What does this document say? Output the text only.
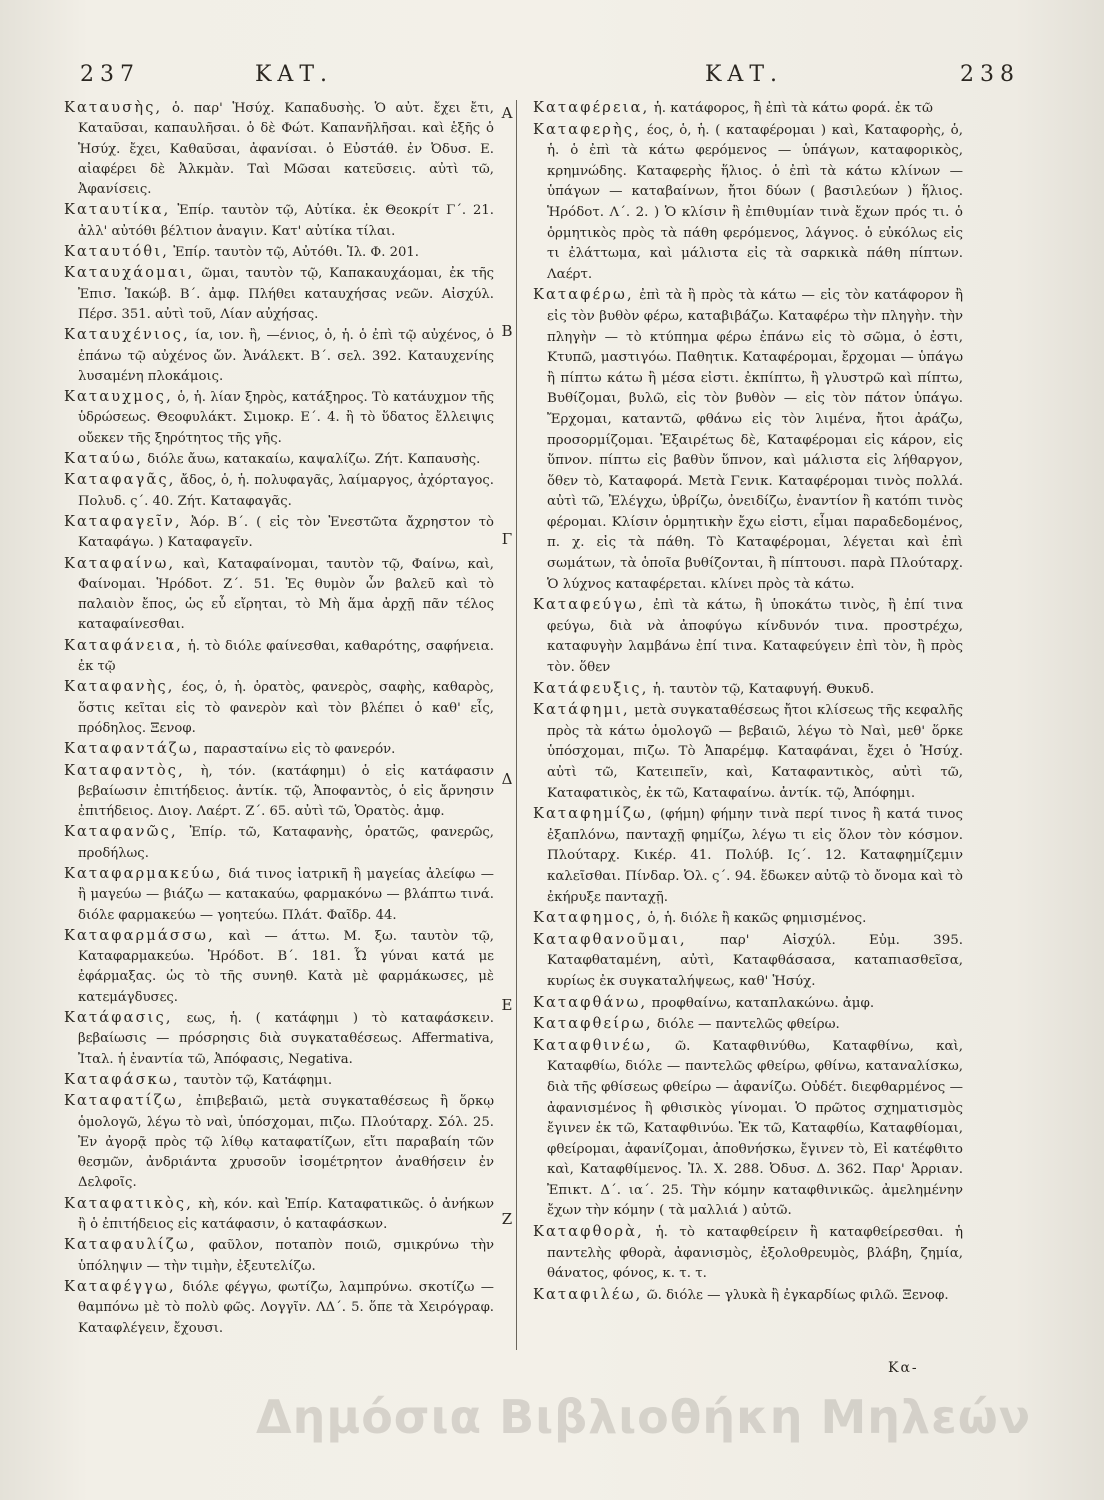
237	ΚΑΤ.	ΚΑΤ.	238
Καταυσὴς, ὁ. παρ' Ἡσύχ. Καπαδυσὴς. Ὁ αὐτ. ἔχει ἔτι, Καταῦσαι, καπαυλῆσαι. ὁ δὲ Φώτ. Καπανῆλῆσαι. καὶ ἑξῆς ὁ Ἡσύχ. ἔχει, Καθαῦσαι, ἀφανίσαι. ὁ Εὐστάθ. ἐν Ὀδυσ. Ε. αἰαφέρει δὲ Ἀλκμὰν. Ταὶ Μῶσαι κατεῦσεις. αὐτὶ τῶ, Ἀφανίσεις.
Καταυτίκα, Ἐπίρ. ταυτὸν τῷ, Αὐτίκα. ἐκ Θεοκρίτ Γ΄. 21. ἀλλ' αὐτόθι βέλτιον ἀναγιν. Κατ' αὐτίκα τίλαι.
Καταυτόθι, Ἐπίρ. ταυτὸν τῷ, Αὐτόθι. Ἰλ. Φ. 201.
Καταυχάομαι, ῶμαι, ταυτὸν τῷ, Καπακαυχάομαι, ἐκ τῆς Ἐπισ. Ἰακώβ. Β΄. ἀμφ. Πλήθει καταυχήσας νεῶν. Αἰσχύλ. Πέρσ. 351. αὐτὶ τοῦ, Λίαν αὐχήσας.
Καταυχένιος, ία, ιον. ἢ, —ένιος, ὁ, ἡ. ὁ ἐπὶ τῷ αὐχένος, ὁ ἐπάνω τῷ αὐχένος ὤν. Ἀνάλεκτ. Β΄. σελ. 392. Καταυχενίης λυσαμένη πλοκάμοις.
Καταυχμος, ὁ, ἡ. λίαν ξηρὸς, κατάξηρος. Τὸ κατάυχμον τῆς ὑδρώσεως. Θεοφυλάκτ. Σιμοκρ. Ε΄. 4. ἢ τὸ ὕδατος ἔλλειψις οὔεκεν τῆς ξηρότητος τῆς γῆς.
Καταύω, διόλε ἄυω, κατακαίω, καψαλίζω. Ζήτ. Καπαυσὴς.
Καταφαγᾶς, ἄδος, ὁ, ἡ. πολυφαγᾶς, λαίμαργος, ἀχόρταγος. Πολυδ. ς΄. 40. Ζήτ. Καταφαγᾶς.
Καταφαγεῖν, Ἀόρ. Β΄. ( εἰς τὸν Ἐνεστῶτα ἄχρηστον τὸ Καταφάγω. ) Καταφαγεῖν.
Καταφαίνω, καὶ, Καταφαίνομαι, ταυτὸν τῷ, Φαίνω, καὶ, Φαίνομαι. Ἡρόδοτ. Ζ΄. 51. Ἐς θυμὸν ὦν βαλεῦ καὶ τὸ παλαιὸν ἔπος, ὡς εὖ εἴρηται, τὸ Μὴ ἅμα ἀρχῇ πᾶν τέλος καταφαίνεσθαι.
Καταφάνεια, ἡ. τὸ διόλε φαίνεσθαι, καθαρότης, σαφήνεια. ἐκ τῷ
Καταφανὴς, έος, ὁ, ἡ. ὁρατὸς, φανερὸς, σαφὴς, καθαρὸς, ὅστις κεῖται εἰς τὸ φανερὸν καὶ τὸν βλέπει ὁ καθ' εἷς, πρόδηλος. Ξενοφ.
Καταφαντάζω, παρασταίνω εἰς τὸ φανερόν.
Καταφαντὸς, ὴ, τόν. (κατάφημι) ὁ εἰς κατάφασιν βεβαίωσιν ἐπιτήδειος. ἀντίκ. τῷ, Ἀποφαντὸς, ὁ εἰς ἄρνησιν ἐπιτήδειος. Διογ. Λαέρτ. Ζ΄. 65. αὐτὶ τῶ, Ὁρατὸς. ἀμφ.
Καταφανῶς, Ἐπίρ. τῶ, Καταφανὴς, ὁρατῶς, φανερῶς, προδήλως.
Καταφαρμακεύω, διά τινος ἰατρικῆ ἢ μαγείας ἀλείφω — ἢ μαγεύω — βιάζω — κατακαύω, φαρμακόνω — βλάπτω τινά. διόλε φαρμακεύω — γοητεύω. Πλάτ. Φαῖδρ. 44.
Καταφαρμάσσω, καὶ — άττω. Μ. ξω. ταυτὸν τῷ, Καταφαρμακεύω. Ἡρόδοτ. Β΄. 181. Ὦ γύναι κατά με ἐφάρμαξας. ὡς τὸ τῆς συνηθ. Κατὰ μὲ φαρμάκωσες, μὲ κατεμάγδυσες.
Κατάφασις, εως, ἡ. ( κατάφημι ) τὸ καταφάσκειν. βεβαίωσις — πρόσρησις διὰ συγκαταθέσεως. Affermativa, Ἰταλ. ἡ ἐναντία τῶ, Ἀπόφασις, Negativa.
Καταφάσκω, ταυτὸν τῷ, Κατάφημι.
Καταφατίζω, ἐπιβεβαιῶ, μετὰ συγκαταθέσεως ἢ ὅρκῳ ὁμολογῶ, λέγω τὸ ναὶ, ὑπόσχομαι, πιζω. Πλούταρχ. Σόλ. 25. Ἐν ἀγορᾷ πρὸς τῷ λίθῳ καταφατίζων, εἴτι παραβαίη τῶν θεσμῶν, ἀνδριάντα χρυσοῦν ἰσομέτρητον ἀναθήσειν ἐν Δελφοῖς.
Καταφατικὸς, κὴ, κόν. καὶ Ἐπίρ. Καταφατικῶς. ὁ ἀνήκων ἢ ὁ ἐπιτήδειος εἰς κατάφασιν, ὁ καταφάσκων.
Καταφαυλίζω, φαῦλον, ποταπὸν ποιῶ, σμικρύνω τὴν ὑπόληψιν — τὴν τιμὴν, ἐξευτελίζω.
Καταφέγγω, διόλε φέγγω, φωτίζω, λαμπρύνω. σκοτίζω — θαμπόνω μὲ τὸ πολὺ φῶς. Λογγῖν. ΛΔ΄. 5. ὅπε τὰ Χειρόγραφ. Καταφλέγειν, ἔχουσι.
Καταφέρεια, ἡ. κατάφορος, ἢ ἐπὶ τὰ κάτω φορά. ἐκ τῶ
Καταφερὴς, έος, ὁ, ἡ. ( καταφέρομαι ) καὶ, Καταφορὴς, ὁ, ἡ. ὁ ἐπὶ τὰ κάτω φερόμενος — ὑπάγων, καταφορικὸς, κρημνώδης. Καταφερὴς ἥλιος. ὁ ἐπὶ τὰ κάτω κλίνων — ὑπάγων — καταβαίνων, ἤτοι δύων ( βασιλεύων ) ἥλιος. Ἡρόδοτ. Λ΄. 2. ) Ὁ κλίσιν ἢ ἐπιθυμίαν τινὰ ἔχων πρός τι. ὁ ὁρμητικὸς πρὸς τὰ πάθη φερόμενος, λάγνος. ὁ εὐκόλως εἰς τι ἐλάττωμα, καὶ μάλιστα εἰς τὰ σαρκικὰ πάθη πίπτων. Λαέρτ.
Καταφέρω, ἐπὶ τὰ ἢ πρὸς τὰ κάτω — εἰς τὸν κατάφορον ἢ εἰς τὸν βυθὸν φέρω, καταβιβάζω. Καταφέρω τὴν πληγὴν. τὴν πληγὴν — τὸ κτύπημα φέρω ἐπάνω εἰς τὸ σῶμα, ὁ ἐστι, Κτυπῶ, μαστιγόω. Παθητικ. Καταφέρομαι, ἔρχομαι — ὑπάγω ἢ πίπτω κάτω ἢ μέσα εἰστι. ἐκπίπτω, ἢ γλυστρῶ καὶ πίπτω, Βυθίζομαι, βυλῶ, εἰς τὸν βυθὸν — εἰς τὸν πάτον ὑπάγω. Ἔρχομαι, καταντῶ, φθάνω εἰς τὸν λιμένα, ἤτοι ἀράζω, προσορμίζομαι. Ἐξαιρέτως δὲ, Καταφέρομαι εἰς κάρον, εἰς ὕπνον. πίπτω εἰς βαθὺν ὕπνον, καὶ μάλιστα εἰς λήθαργον, ὅθεν τὸ, Καταφορά. Μετὰ Γενικ. Καταφέρομαι τινὸς πολλά. αὐτὶ τῶ, Ἐλέγχω, ὑβρίζω, ὀνειδίζω, ἐναντίον ἢ κατόπι τινὸς φέρομαι. Κλίσιν ὁρμητικὴν ἔχω εἰστι, εἶμαι παραδεδομένος, π. χ. εἰς τὰ πάθη. Τὸ Καταφέρομαι, λέγεται καὶ ἐπὶ σωμάτων, τὰ ὁποῖα βυθίζονται, ἢ πίπτουσι. παρὰ Πλούταρχ. Ὁ λύχνος καταφέρεται. κλίνει πρὸς τὰ κάτω.
Καταφεύγω, ἐπὶ τὰ κάτω, ἢ ὑποκάτω τινὸς, ἢ ἐπί τινα φεύγω, διὰ νὰ ἀποφύγω κίνδυνόν τινα. προστρέχω, καταφυγὴν λαμβάνω ἐπί τινα. Καταφεύγειν ἐπὶ τὸν, ἢ πρὸς τὸν. ὅθεν
Κατάφευξις, ἡ. ταυτὸν τῷ, Καταφυγή. Θυκυδ.
Κατάφημι, μετὰ συγκαταθέσεως ἤτοι κλίσεως τῆς κεφαλῆς πρὸς τὰ κάτω ὁμολογῶ — βεβαιῶ, λέγω τὸ Ναὶ, μεθ' ὅρκε ὑπόσχομαι, πιζω. Τὸ Ἀπαρέμφ. Καταφάναι, ἔχει ὁ Ἡσύχ. αὐτὶ τῶ, Κατειπεῖν, καὶ, Καταφαντικὸς, αὐτὶ τῶ, Καταφατικὸς, ἐκ τῶ, Καταφαίνω. ἀντίκ. τῷ, Ἀπόφημι.
Καταφημίζω, (φήμη) φήμην τινὰ περί τινος ἢ κατά τινος ἐξαπλόνω, πανταχῇ φημίζω, λέγω τι εἰς ὅλον τὸν κόσμον. Πλούταρχ. Κικέρ. 41. Πολύβ. Ις΄. 12. Καταφημίζεμιν καλεῖσθαι. Πίνδαρ. Ὀλ. ς΄. 94. ἔδωκεν αὐτῷ τὸ ὄνομα καὶ τὸ ἐκήρυξε πανταχῇ.
Καταφημος, ὁ, ἡ. διόλε ἢ κακῶς φημισμένος.
Καταφθανοῦμαι, παρ' Αἰσχύλ. Εὐμ. 395. Καταφθαταμένη, αὐτὶ, Καταφθάσασα, καταπιασθεῖσα, κυρίως ἐκ συγκαταλήψεως, καθ' Ἡσύχ.
Καταφθάνω, προφθαίνω, καταπλακώνω. ἀμφ.
Καταφθείρω, διόλε — παντελῶς φθείρω.
Καταφθινέω, ῶ. Καταφθινύθω, Καταφθίνω, καὶ, Καταφθίω, διόλε — παντελῶς φθείρω, φθίνω, καταναλίσκω, διὰ τῆς φθίσεως φθείρω — ἀφανίζω. Οὐδέτ. διεφθαρμένος — ἀφανισμένος ἢ φθισικὸς γίνομαι. Ὁ πρῶτος σχηματισμὸς ἔγινεν ἐκ τῶ, Καταφθινύω. Ἐκ τῶ, Καταφθίω, Καταφθίομαι, φθείρομαι, ἀφανίζομαι, ἀποθνήσκω, ἔγινεν τὸ, Εἰ κατέφθιτο καὶ, Καταφθίμενος. Ἰλ. Χ. 288. Ὀδυσ. Δ. 362. Παρ' Ἀρριαν. Ἐπικτ. Δ΄. ια΄. 25. Τὴν κόμην καταφθινικῶς. ἀμελημένην ἔχων τὴν κόμην ( τὰ μαλλιά ) αὐτῶ.
Καταφθορὰ, ἡ. τὸ καταφθείρειν ἢ καταφθείρεσθαι. ἡ παντελὴς φθορὰ, ἀφανισμὸς, ἐξολοθρευμὸς, βλάβη, ζημία, θάνατος, φόνος, κ. τ. τ.
Καταφιλέω, ῶ. διόλε — γλυκὰ ἢ ἐγκαρδίως φιλῶ. Ξενοφ.
Α
Β
Γ
Δ
Ε
Ζ
Κα-
Δημόσια Βιβλιοθήκη Μηλεών
